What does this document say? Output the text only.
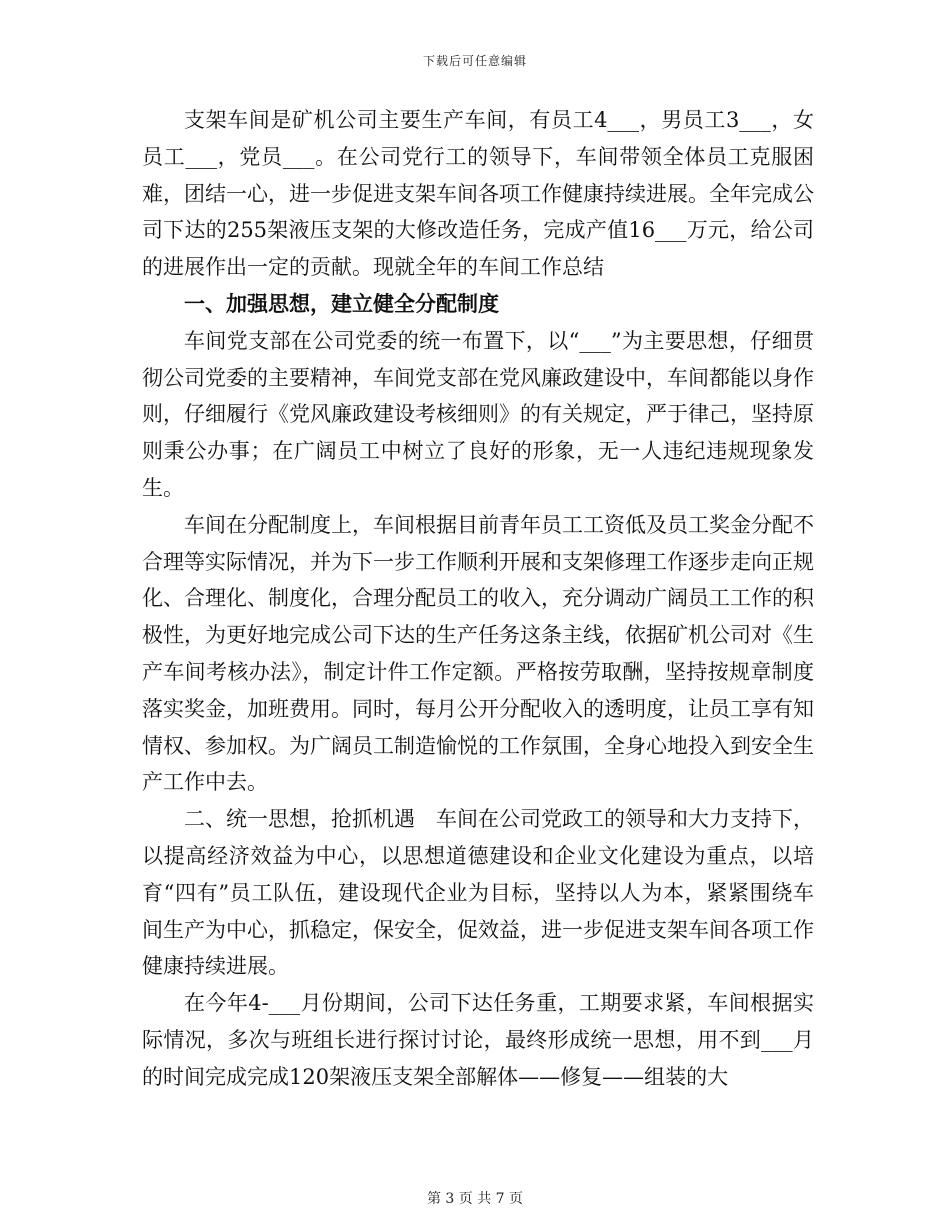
下载后可任意编辑

支架车间是矿机公司主要生产车间，有员工4___，男员工3___，女员工___，党员___。在公司党行工的领导下，车间带领全体员工克服困难，团结一心，进一步促进支架车间各项工作健康持续进展。全年完成公司下达的255架液压支架的大修改造任务，完成产值16___万元，给公司的进展作出一定的贡献。现就全年的车间工作总结

一、加强思想，建立健全分配制度

车间党支部在公司党委的统一布置下，以“___”为主要思想，仔细贯彻公司党委的主要精神，车间党支部在党风廉政建设中，车间都能以身作则，仔细履行《党风廉政建设考核细则》的有关规定，严于律己，坚持原则秉公办事；在广阔员工中树立了良好的形象，无一人违纪违规现象发生。

车间在分配制度上，车间根据目前青年员工工资低及员工奖金分配不合理等实际情况，并为下一步工作顺利开展和支架修理工作逐步走向正规化、合理化、制度化，合理分配员工的收入，充分调动广阔员工工作的积极性，为更好地完成公司下达的生产任务这条主线，依据矿机公司对《生产车间考核办法》，制定计件工作定额。严格按劳取酬，坚持按规章制度落实奖金，加班费用。同时，每月公开分配收入的透明度，让员工享有知情权、参加权。为广阔员工制造愉悦的工作氛围，全身心地投入到安全生产工作中去。

二、统一思想，抢抓机遇　车间在公司党政工的领导和大力支持下，以提高经济效益为中心，以思想道德建设和企业文化建设为重点，以培育“四有”员工队伍，建设现代企业为目标，坚持以人为本，紧紧围绕车间生产为中心，抓稳定，保安全，促效益，进一步促进支架车间各项工作健康持续进展。

在今年4-___月份期间，公司下达任务重，工期要求紧，车间根据实际情况，多次与班组长进行探讨讨论，最终形成统一思想，用不到___月的时间完成完成120架液压支架全部解体——修复——组装的大

第 3 页 共 7 页
